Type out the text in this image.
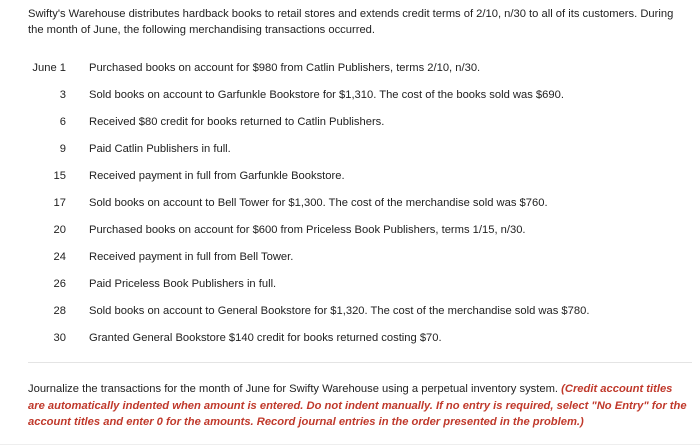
Swifty's Warehouse distributes hardback books to retail stores and extends credit terms of 2/10, n/30 to all of its customers. During the month of June, the following merchandising transactions occurred.

June 1 Purchased books on account for $980 from Catlin Publishers, terms 2/10, n/30.
3 Sold books on account to Garfunkle Bookstore for $1,310. The cost of the books sold was $690.
6 Received $80 credit for books returned to Catlin Publishers.
9 Paid Catlin Publishers in full.
15 Received payment in full from Garfunkle Bookstore.
17 Sold books on account to Bell Tower for $1,300. The cost of the merchandise sold was $760.
20 Purchased books on account for $600 from Priceless Book Publishers, terms 1/15, n/30.
24 Received payment in full from Bell Tower.
26 Paid Priceless Book Publishers in full.
28 Sold books on account to General Bookstore for $1,320. The cost of the merchandise sold was $780.
30 Granted General Bookstore $140 credit for books returned costing $70.

Journalize the transactions for the month of June for Swifty Warehouse using a perpetual inventory system. (Credit account titles are automatically indented when amount is entered. Do not indent manually. If no entry is required, select "No Entry" for the account titles and enter 0 for the amounts. Record journal entries in the order presented in the problem.)
